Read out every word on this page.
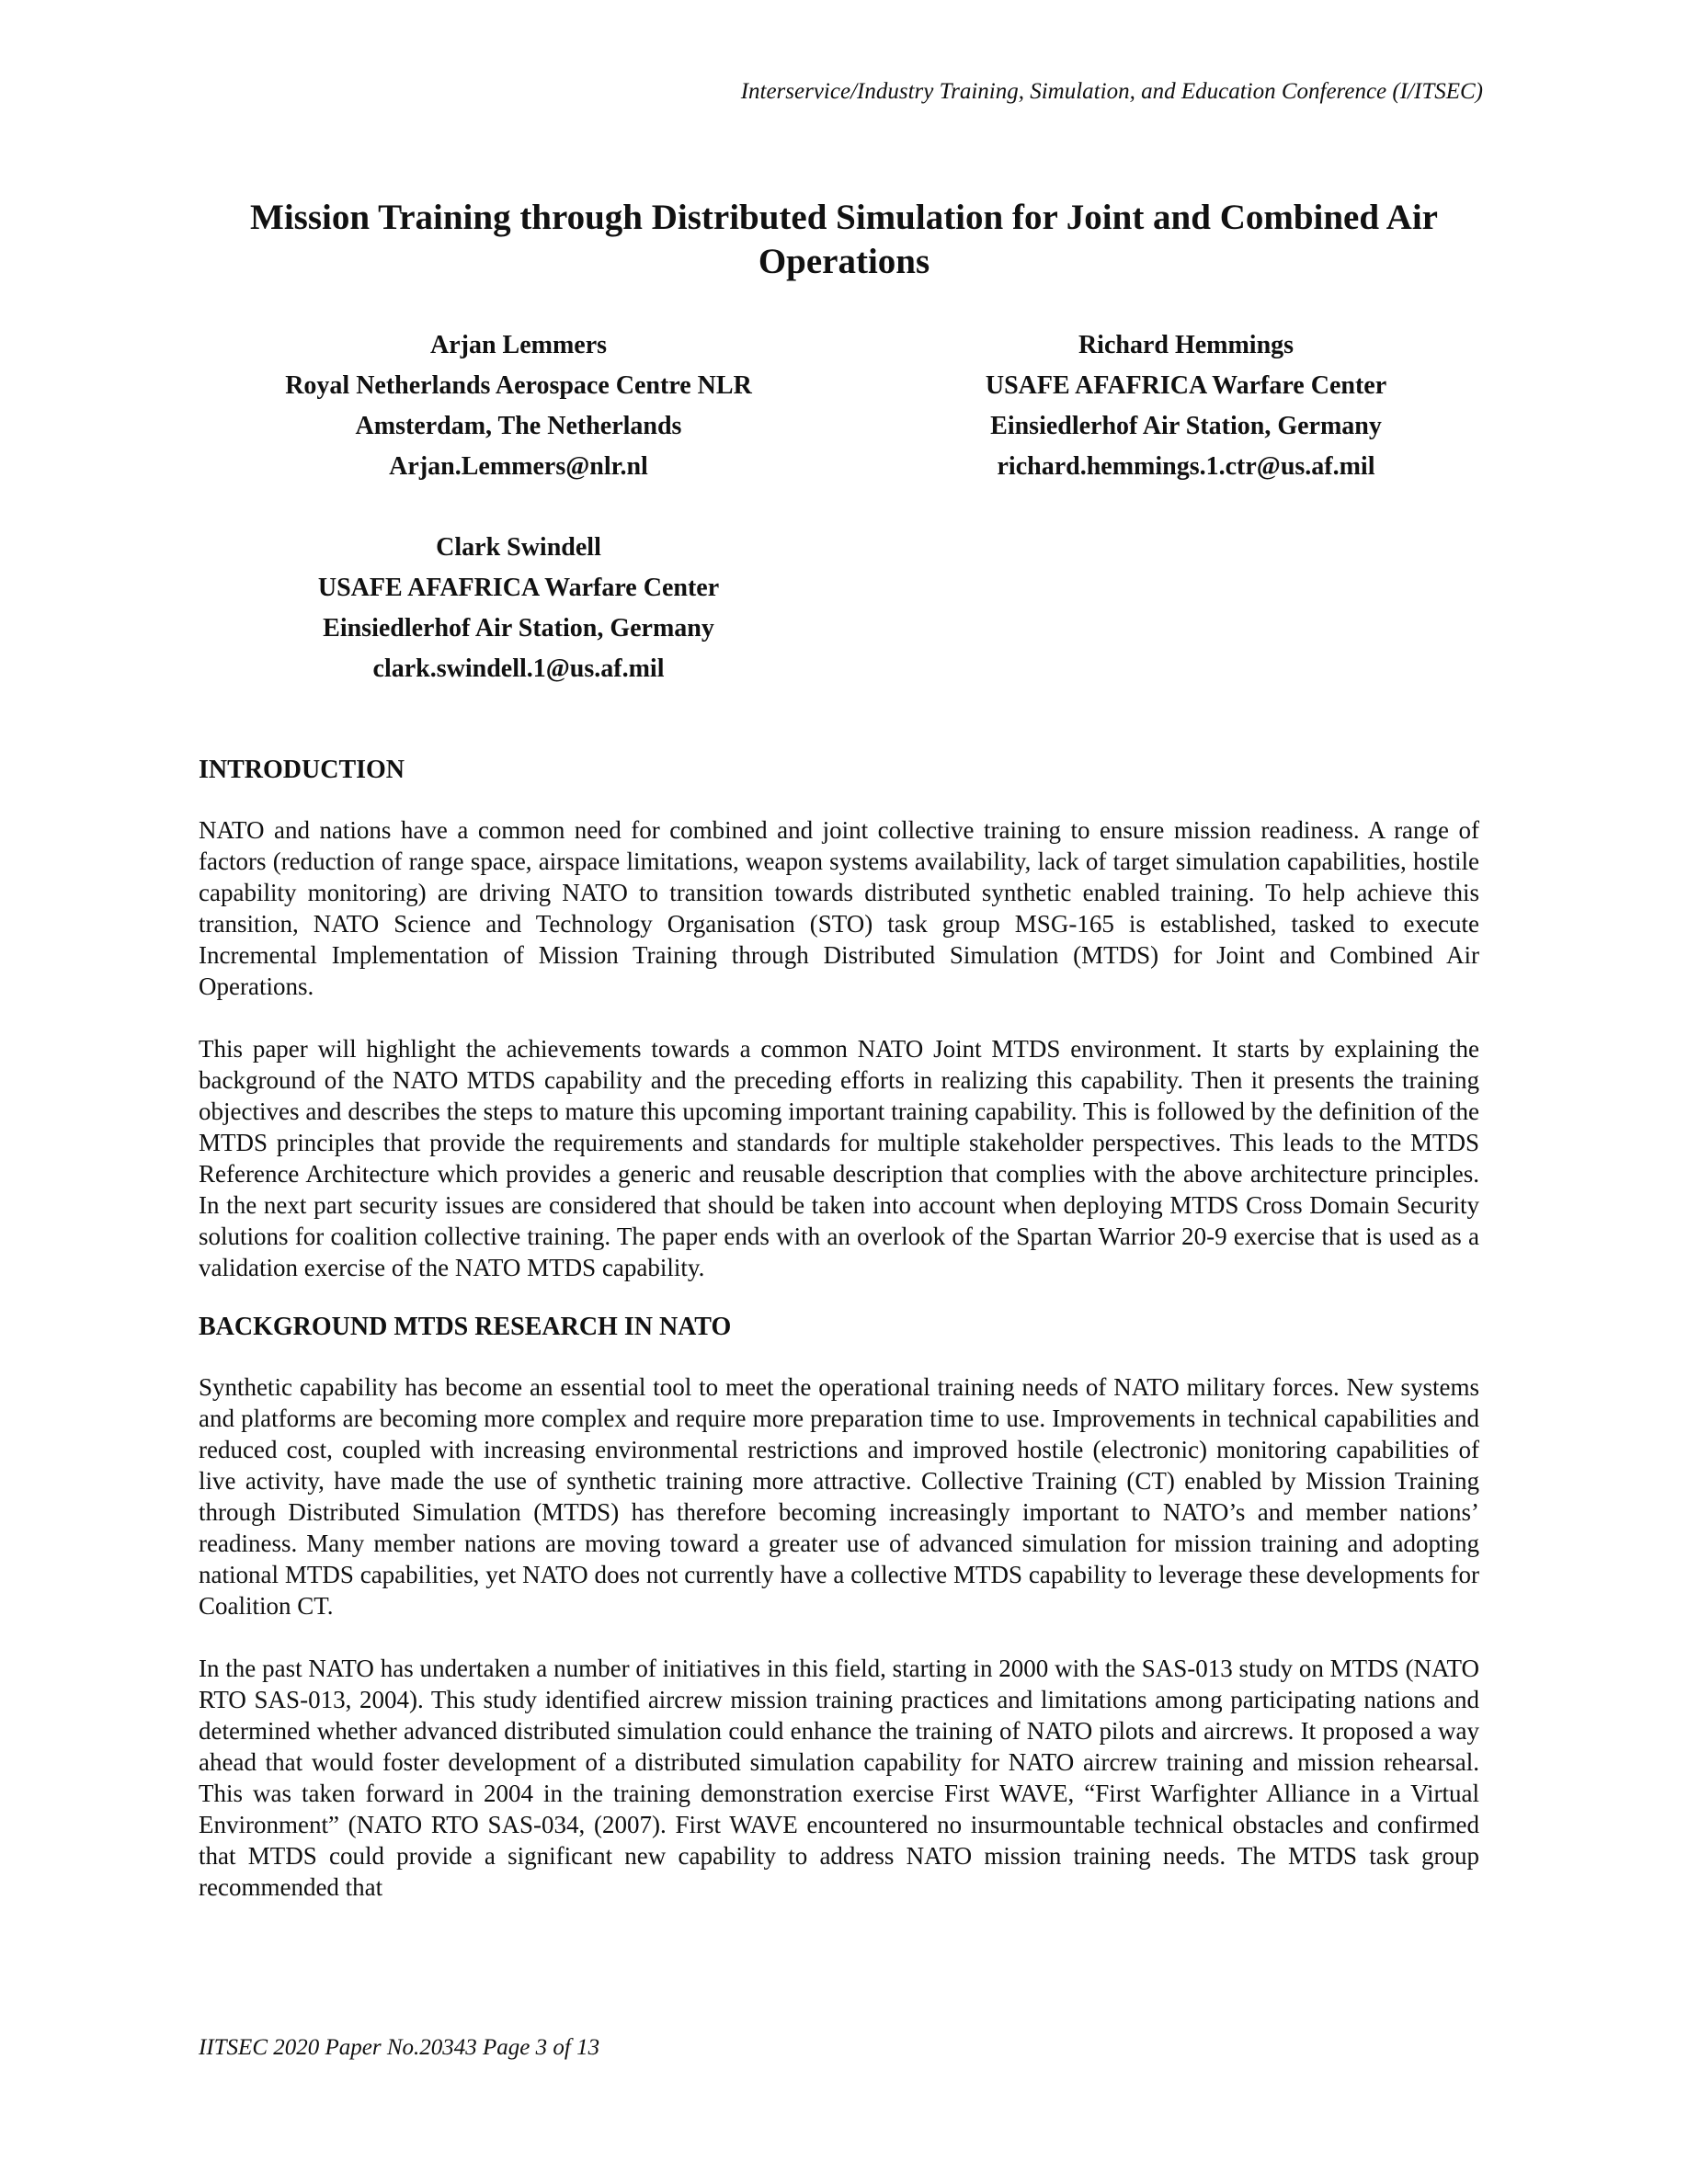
Interservice/Industry Training, Simulation, and Education Conference (I/ITSEC)
Mission Training through Distributed Simulation for Joint and Combined Air Operations
Arjan Lemmers
Royal Netherlands Aerospace Centre NLR
Amsterdam, The Netherlands
Arjan.Lemmers@nlr.nl
Richard Hemmings
USAFE AFAFRICA Warfare Center
Einsiedlerhof Air Station, Germany
richard.hemmings.1.ctr@us.af.mil
Clark Swindell
USAFE AFAFRICA Warfare Center
Einsiedlerhof Air Station, Germany
clark.swindell.1@us.af.mil
INTRODUCTION

NATO and nations have a common need for combined and joint collective training to ensure mission readiness. A range of factors (reduction of range space, airspace limitations, weapon systems availability, lack of target simulation capabilities, hostile capability monitoring) are driving NATO to transition towards distributed synthetic enabled training. To help achieve this transition, NATO Science and Technology Organisation (STO) task group MSG-165 is established, tasked to execute Incremental Implementation of Mission Training through Distributed Simulation (MTDS) for Joint and Combined Air Operations.

This paper will highlight the achievements towards a common NATO Joint MTDS environment. It starts by explaining the background of the NATO MTDS capability and the preceding efforts in realizing this capability. Then it presents the training objectives and describes the steps to mature this upcoming important training capability. This is followed by the definition of the MTDS principles that provide the requirements and standards for multiple stakeholder perspectives. This leads to the MTDS Reference Architecture which provides a generic and reusable description that complies with the above architecture principles. In the next part security issues are considered that should be taken into account when deploying MTDS Cross Domain Security solutions for coalition collective training. The paper ends with an overlook of the Spartan Warrior 20-9 exercise that is used as a validation exercise of the NATO MTDS capability.

BACKGROUND MTDS RESEARCH IN NATO

Synthetic capability has become an essential tool to meet the operational training needs of NATO military forces. New systems and platforms are becoming more complex and require more preparation time to use. Improvements in technical capabilities and reduced cost, coupled with increasing environmental restrictions and improved hostile (electronic) monitoring capabilities of live activity, have made the use of synthetic training more attractive. Collective Training (CT) enabled by Mission Training through Distributed Simulation (MTDS) has therefore becoming increasingly important to NATO’s and member nations’ readiness. Many member nations are moving toward a greater use of advanced simulation for mission training and adopting national MTDS capabilities, yet NATO does not currently have a collective MTDS capability to leverage these developments for Coalition CT.

In the past NATO has undertaken a number of initiatives in this field, starting in 2000 with the SAS-013 study on MTDS (NATO RTO SAS-013, 2004). This study identified aircrew mission training practices and limitations among participating nations and determined whether advanced distributed simulation could enhance the training of NATO pilots and aircrews. It proposed a way ahead that would foster development of a distributed simulation capability for NATO aircrew training and mission rehearsal. This was taken forward in 2004 in the training demonstration exercise First WAVE, “First Warfighter Alliance in a Virtual Environment” (NATO RTO SAS-034, (2007). First WAVE encountered no insurmountable technical obstacles and confirmed that MTDS could provide a significant new capability to address NATO mission training needs. The MTDS task group recommended that

IITSEC 2020 Paper No.20343 Page 3 of 13
